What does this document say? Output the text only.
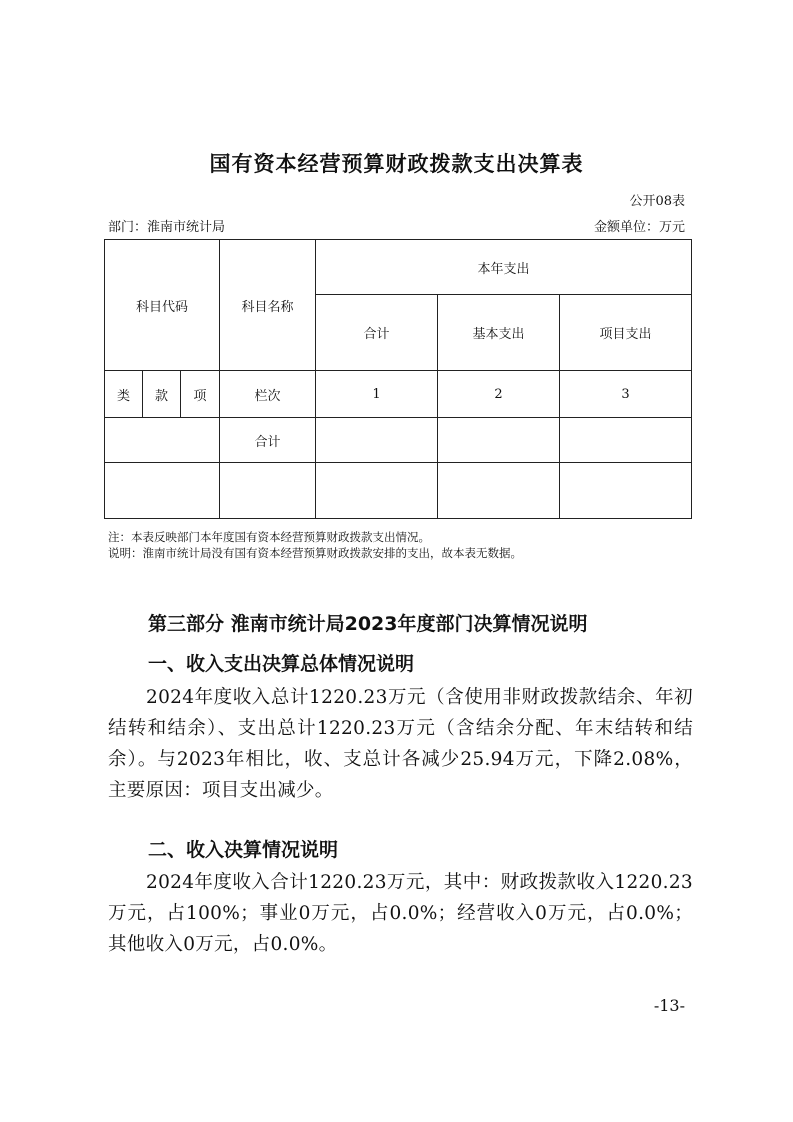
国有资本经营预算财政拨款支出决算表
公开08表
部门：淮南市统计局	金额单位：万元
科目代码			科目名称	本年支出		
				合计	基本支出	项目支出
类	款	项	栏次	1	2	3
			合计			

注：本表反映部门本年度国有资本经营预算财政拨款支出情况。
说明：淮南市统计局没有国有资本经营预算财政拨款安排的支出，故本表无数据。
第三部分 淮南市统计局2023年度部门决算情况说明
一、收入支出决算总体情况说明
2024年度收入总计1220.23万元（含使用非财政拨款结余、年初结转和结余）、支出总计1220.23万元（含结余分配、年末结转和结余）。与2023年相比，收、支总计各减少25.94万元，下降2.08%，主要原因：项目支出减少。
二、收入决算情况说明
2024年度收入合计1220.23万元，其中：财政拨款收入1220.23万元，占100%；事业0万元，占0.0%；经营收入0万元，占0.0%；其他收入0万元，占0.0%。
-13-
